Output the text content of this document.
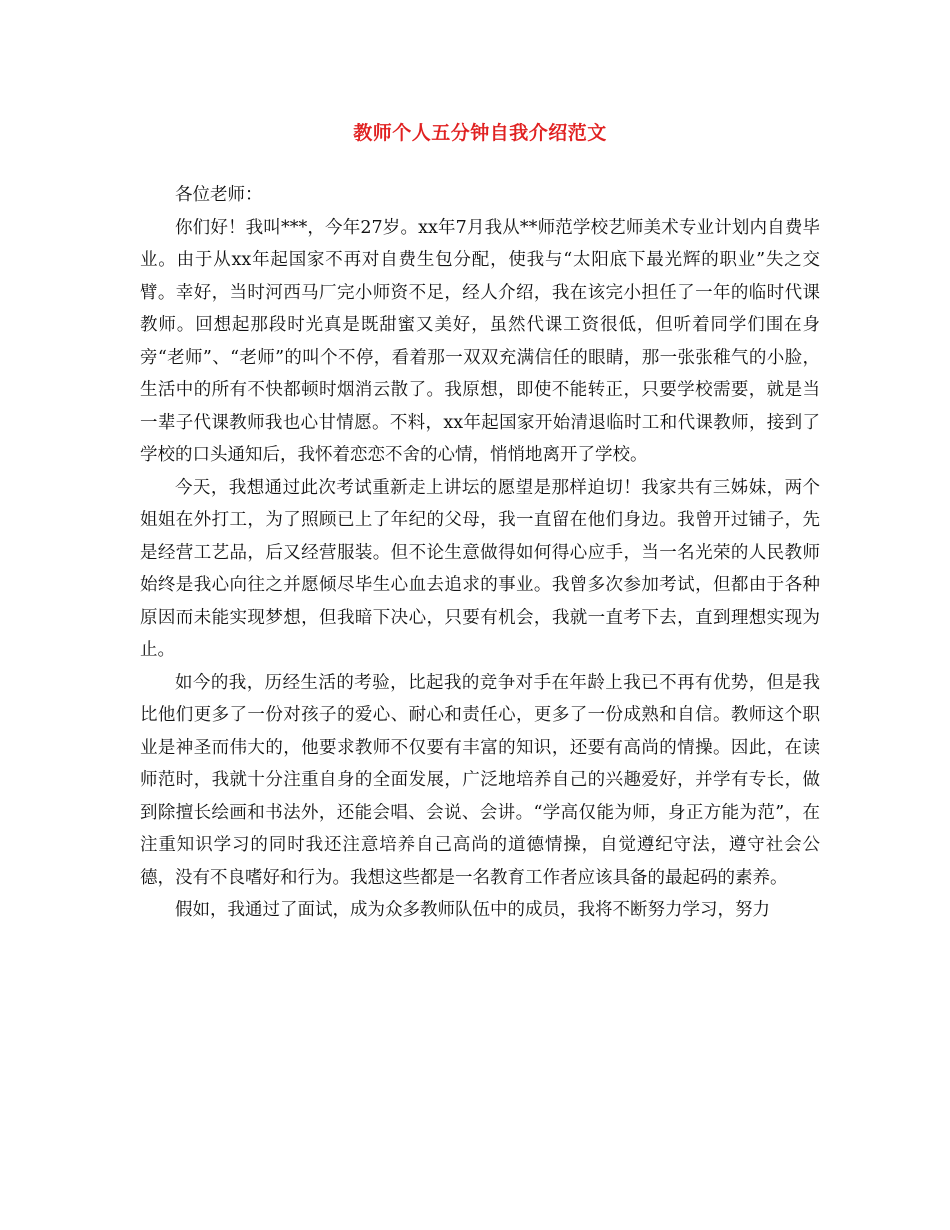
教师个人五分钟自我介绍范文

各位老师：

你们好！我叫***，今年27岁。xx年7月我从**师范学校艺师美术专业计划内自费毕业。由于从xx年起国家不再对自费生包分配，使我与“太阳底下最光辉的职业”失之交臂。幸好，当时河西马厂完小师资不足，经人介绍，我在该完小担任了一年的临时代课教师。回想起那段时光真是既甜蜜又美好，虽然代课工资很低，但听着同学们围在身旁“老师”、“老师”的叫个不停，看着那一双双充满信任的眼睛，那一张张稚气的小脸，生活中的所有不快都顿时烟消云散了。我原想，即使不能转正，只要学校需要，就是当一辈子代课教师我也心甘情愿。不料，xx年起国家开始清退临时工和代课教师，接到了学校的口头通知后，我怀着恋恋不舍的心情，悄悄地离开了学校。

今天，我想通过此次考试重新走上讲坛的愿望是那样迫切！我家共有三姊妹，两个姐姐在外打工，为了照顾已上了年纪的父母，我一直留在他们身边。我曾开过铺子，先是经营工艺品，后又经营服装。但不论生意做得如何得心应手，当一名光荣的人民教师始终是我心向往之并愿倾尽毕生心血去追求的事业。我曾多次参加考试，但都由于各种原因而未能实现梦想，但我暗下决心，只要有机会，我就一直考下去，直到理想实现为止。

如今的我，历经生活的考验，比起我的竞争对手在年龄上我已不再有优势，但是我比他们更多了一份对孩子的爱心、耐心和责任心，更多了一份成熟和自信。教师这个职业是神圣而伟大的，他要求教师不仅要有丰富的知识，还要有高尚的情操。因此，在读师范时，我就十分注重自身的全面发展，广泛地培养自己的兴趣爱好，并学有专长，做到除擅长绘画和书法外，还能会唱、会说、会讲。“学高仅能为师，身正方能为范”，在注重知识学习的同时我还注意培养自己高尚的道德情操，自觉遵纪守法，遵守社会公德，没有不良嗜好和行为。我想这些都是一名教育工作者应该具备的最起码的素养。

假如，我通过了面试，成为众多教师队伍中的成员，我将不断努力学习，努力
